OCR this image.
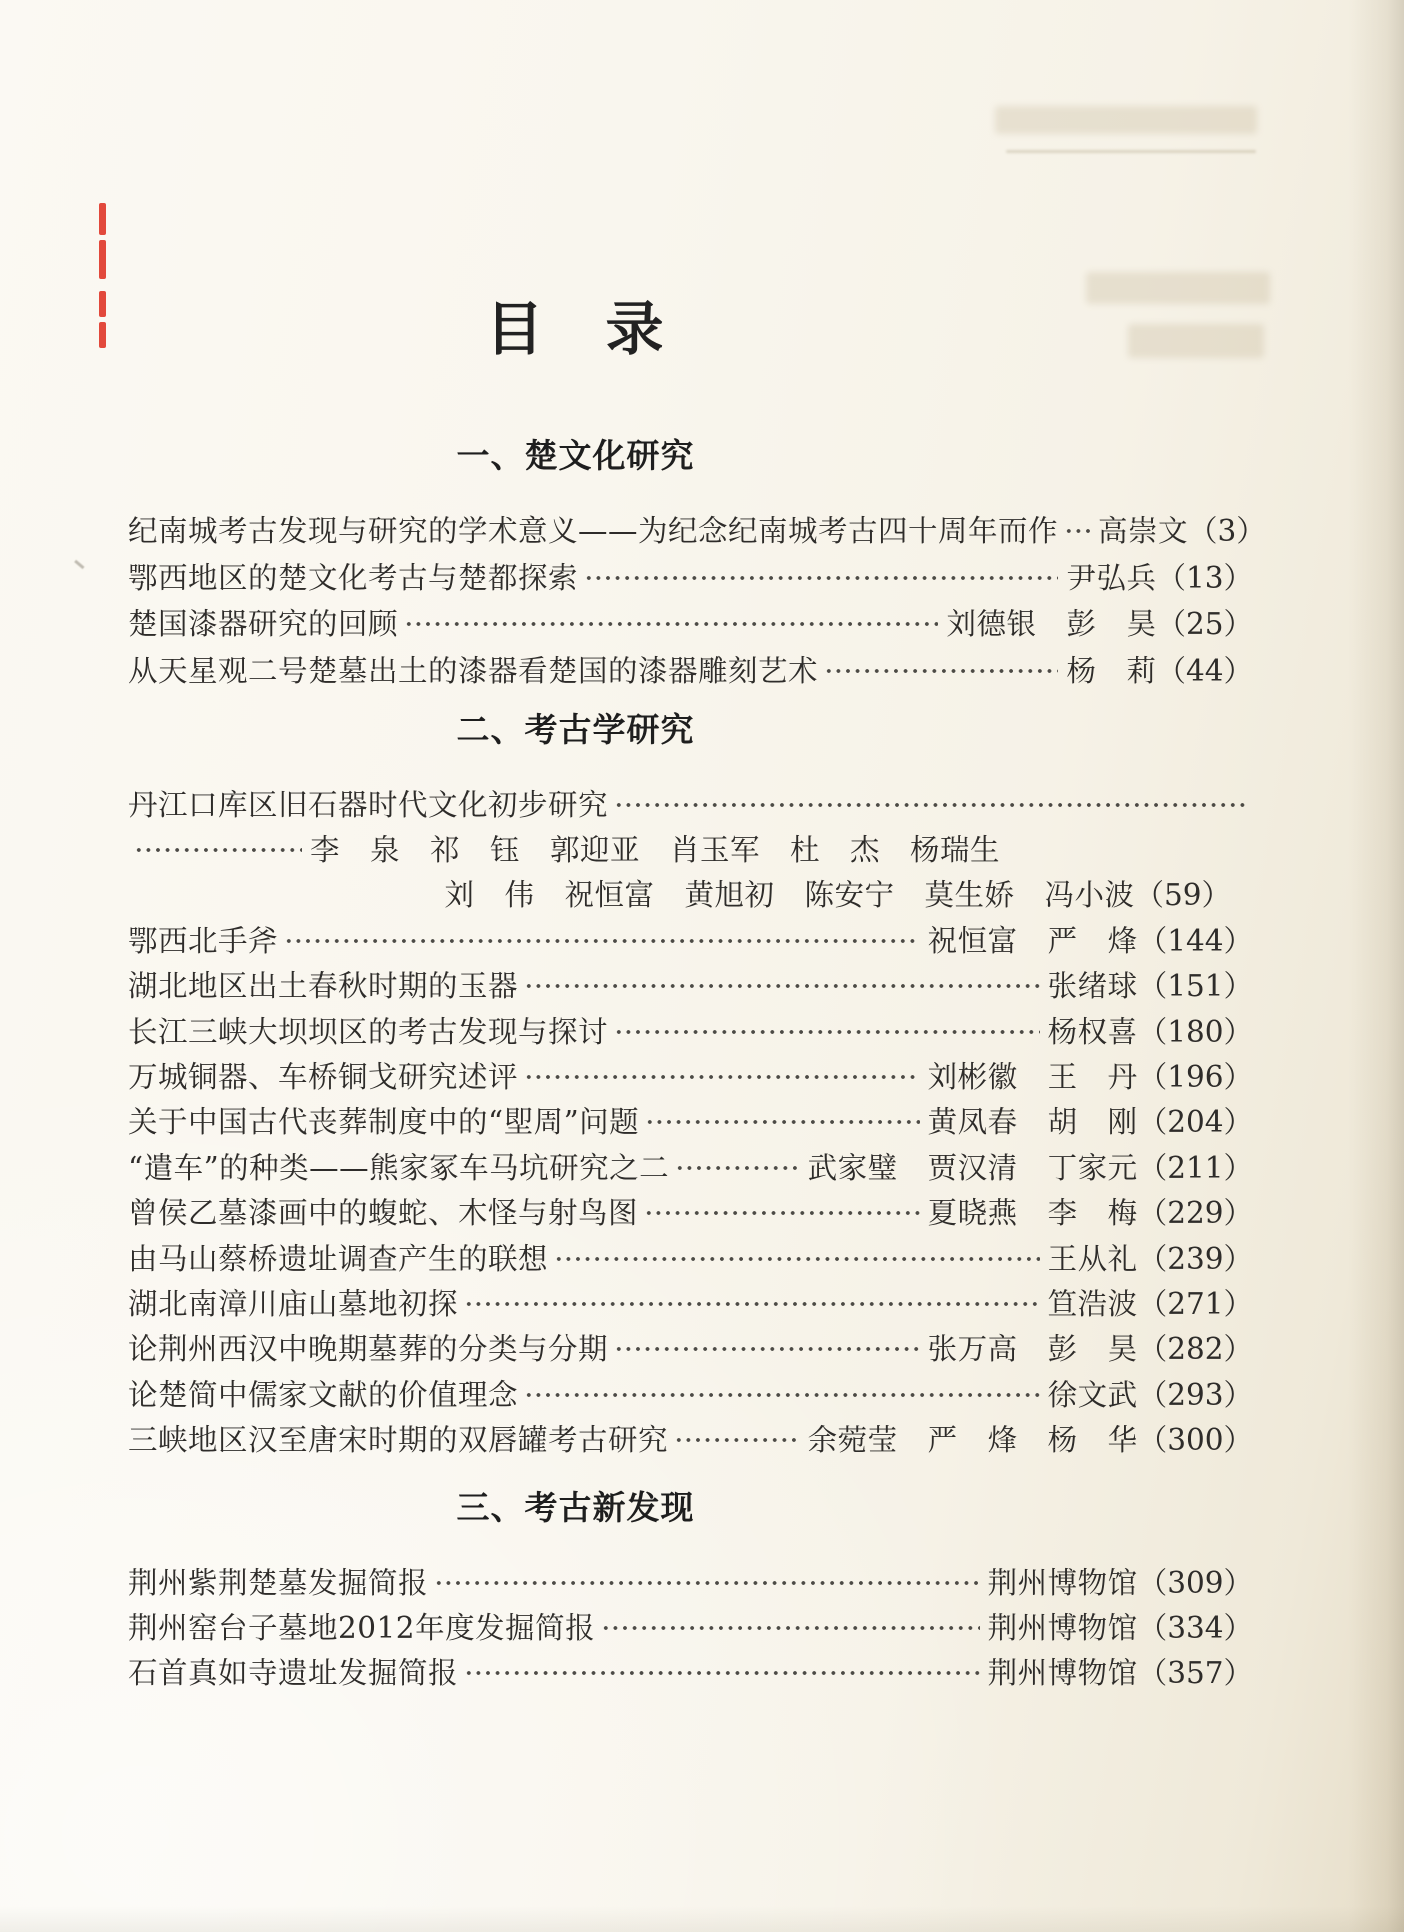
目　录
一、楚文化研究
纪南城考古发现与研究的学术意义——为纪念纪南城考古四十周年而作 高崇文 （3）
鄂西地区的楚文化考古与楚都探索	尹弘兵 （13）
楚国漆器研究的回顾	刘德银　彭　昊 （25）
从天星观二号楚墓出土的漆器看楚国的漆器雕刻艺术	杨　莉 （44）
二、考古学研究
丹江口库区旧石器时代文化初步研究
李　泉　祁　钰　郭迎亚　肖玉军　杜　杰　杨瑞生
刘　伟　祝恒富　黄旭初　陈安宁　莫生娇　冯小波 （59）
鄂西北手斧	祝恒富　严　烽 （144）
湖北地区出土春秋时期的玉器	张绪球 （151）
长江三峡大坝坝区的考古发现与探讨	杨权喜 （180）
万城铜器、车桥铜戈研究述评	刘彬徽　王　丹 （196）
关于中国古代丧葬制度中的“堲周”问题	黄凤春　胡　刚 （204）
“遣车”的种类——熊家冢车马坑研究之二	武家璧　贾汉清　丁家元 （211）
曾侯乙墓漆画中的蝮蛇、木怪与射鸟图	夏晓燕　李　梅 （229）
由马山蔡桥遗址调查产生的联想	王从礼 （239）
湖北南漳川庙山墓地初探	笪浩波 （271）
论荆州西汉中晚期墓葬的分类与分期	张万高　彭　昊 （282）
论楚简中儒家文献的价值理念	徐文武 （293）
三峡地区汉至唐宋时期的双唇罐考古研究	余菀莹　严　烽　杨　华 （300）
三、考古新发现
荆州紫荆楚墓发掘简报	荆州博物馆 （309）
荆州窑台子墓地2012年度发掘简报	荆州博物馆 （334）
石首真如寺遗址发掘简报	荆州博物馆 （357）
